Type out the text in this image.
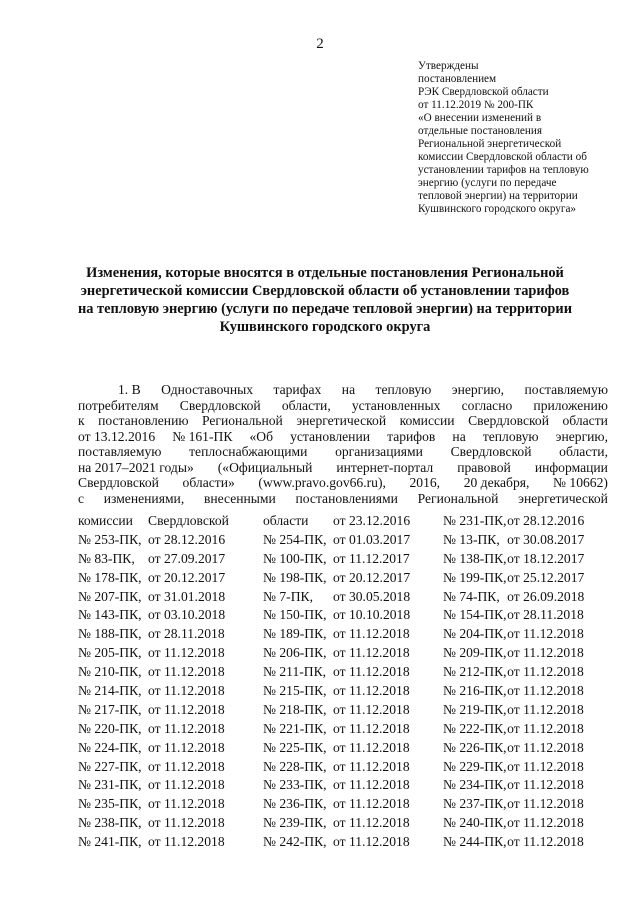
2
Утверждены
постановлением
РЭК Свердловской области
от 11.12.2019 № 200-ПК
«О внесении изменений в
отдельные постановления
Региональной энергетической
комиссии Свердловской области об
установлении тарифов на тепловую
энергию (услуги по передаче
тепловой энергии) на территории
Кушвинского городского округа»
Изменения, которые вносятся в отдельные постановления Региональной
энергетической комиссии Свердловской области об установлении тарифов
на тепловую энергию (услуги по передаче тепловой энергии) на территории
Кушвинского городского округа
1. В Одноставочных тарифах на тепловую энергию, поставляемую
потребителям Свердловской области, установленных согласно приложению
к постановлению Региональной энергетической комиссии Свердловской области
от 13.12.2016 № 161-ПК «Об установлении тарифов на тепловую энергию,
поставляемую теплоснабжающими организациями Свердловской области,
на 2017–2021 годы» («Официальный интернет-портал правовой информации
Свердловской области» (www.pravo.gov66.ru), 2016, 20 декабря, № 10662)
с изменениями, внесенными постановлениями Региональной энергетической
комиссии	Свердловской	области	от 23.12.2016	№ 231-ПК, от 28.12.2016
№ 253-ПК, от 28.12.2016	№ 254-ПК, от 01.03.2017	№ 13-ПК, от 30.08.2017
№ 83-ПК, от 27.09.2017	№ 100-ПК, от 11.12.2017	№ 138-ПК, от 18.12.2017
№ 178-ПК, от 20.12.2017	№ 198-ПК, от 20.12.2017	№ 199-ПК, от 25.12.2017
№ 207-ПК, от 31.01.2018	№ 7-ПК,	от 30.05.2018	№ 74-ПК, от 26.09.2018
№ 143-ПК, от 03.10.2018	№ 150-ПК, от 10.10.2018	№ 154-ПК, от 28.11.2018
№ 188-ПК, от 28.11.2018	№ 189-ПК, от 11.12.2018	№ 204-ПК, от 11.12.2018
№ 205-ПК, от 11.12.2018	№ 206-ПК, от 11.12.2018	№ 209-ПК, от 11.12.2018
№ 210-ПК, от 11.12.2018	№ 211-ПК, от 11.12.2018	№ 212-ПК, от 11.12.2018
№ 214-ПК, от 11.12.2018	№ 215-ПК, от 11.12.2018	№ 216-ПК, от 11.12.2018
№ 217-ПК, от 11.12.2018	№ 218-ПК, от 11.12.2018	№ 219-ПК, от 11.12.2018
№ 220-ПК, от 11.12.2018	№ 221-ПК, от 11.12.2018	№ 222-ПК, от 11.12.2018
№ 224-ПК, от 11.12.2018	№ 225-ПК, от 11.12.2018	№ 226-ПК, от 11.12.2018
№ 227-ПК, от 11.12.2018	№ 228-ПК, от 11.12.2018	№ 229-ПК, от 11.12.2018
№ 231-ПК, от 11.12.2018	№ 233-ПК, от 11.12.2018	№ 234-ПК, от 11.12.2018
№ 235-ПК, от 11.12.2018	№ 236-ПК, от 11.12.2018	№ 237-ПК, от 11.12.2018
№ 238-ПК, от 11.12.2018	№ 239-ПК, от 11.12.2018	№ 240-ПК, от 11.12.2018
№ 241-ПК, от 11.12.2018	№ 242-ПК, от 11.12.2018	№ 244-ПК, от 11.12.2018
